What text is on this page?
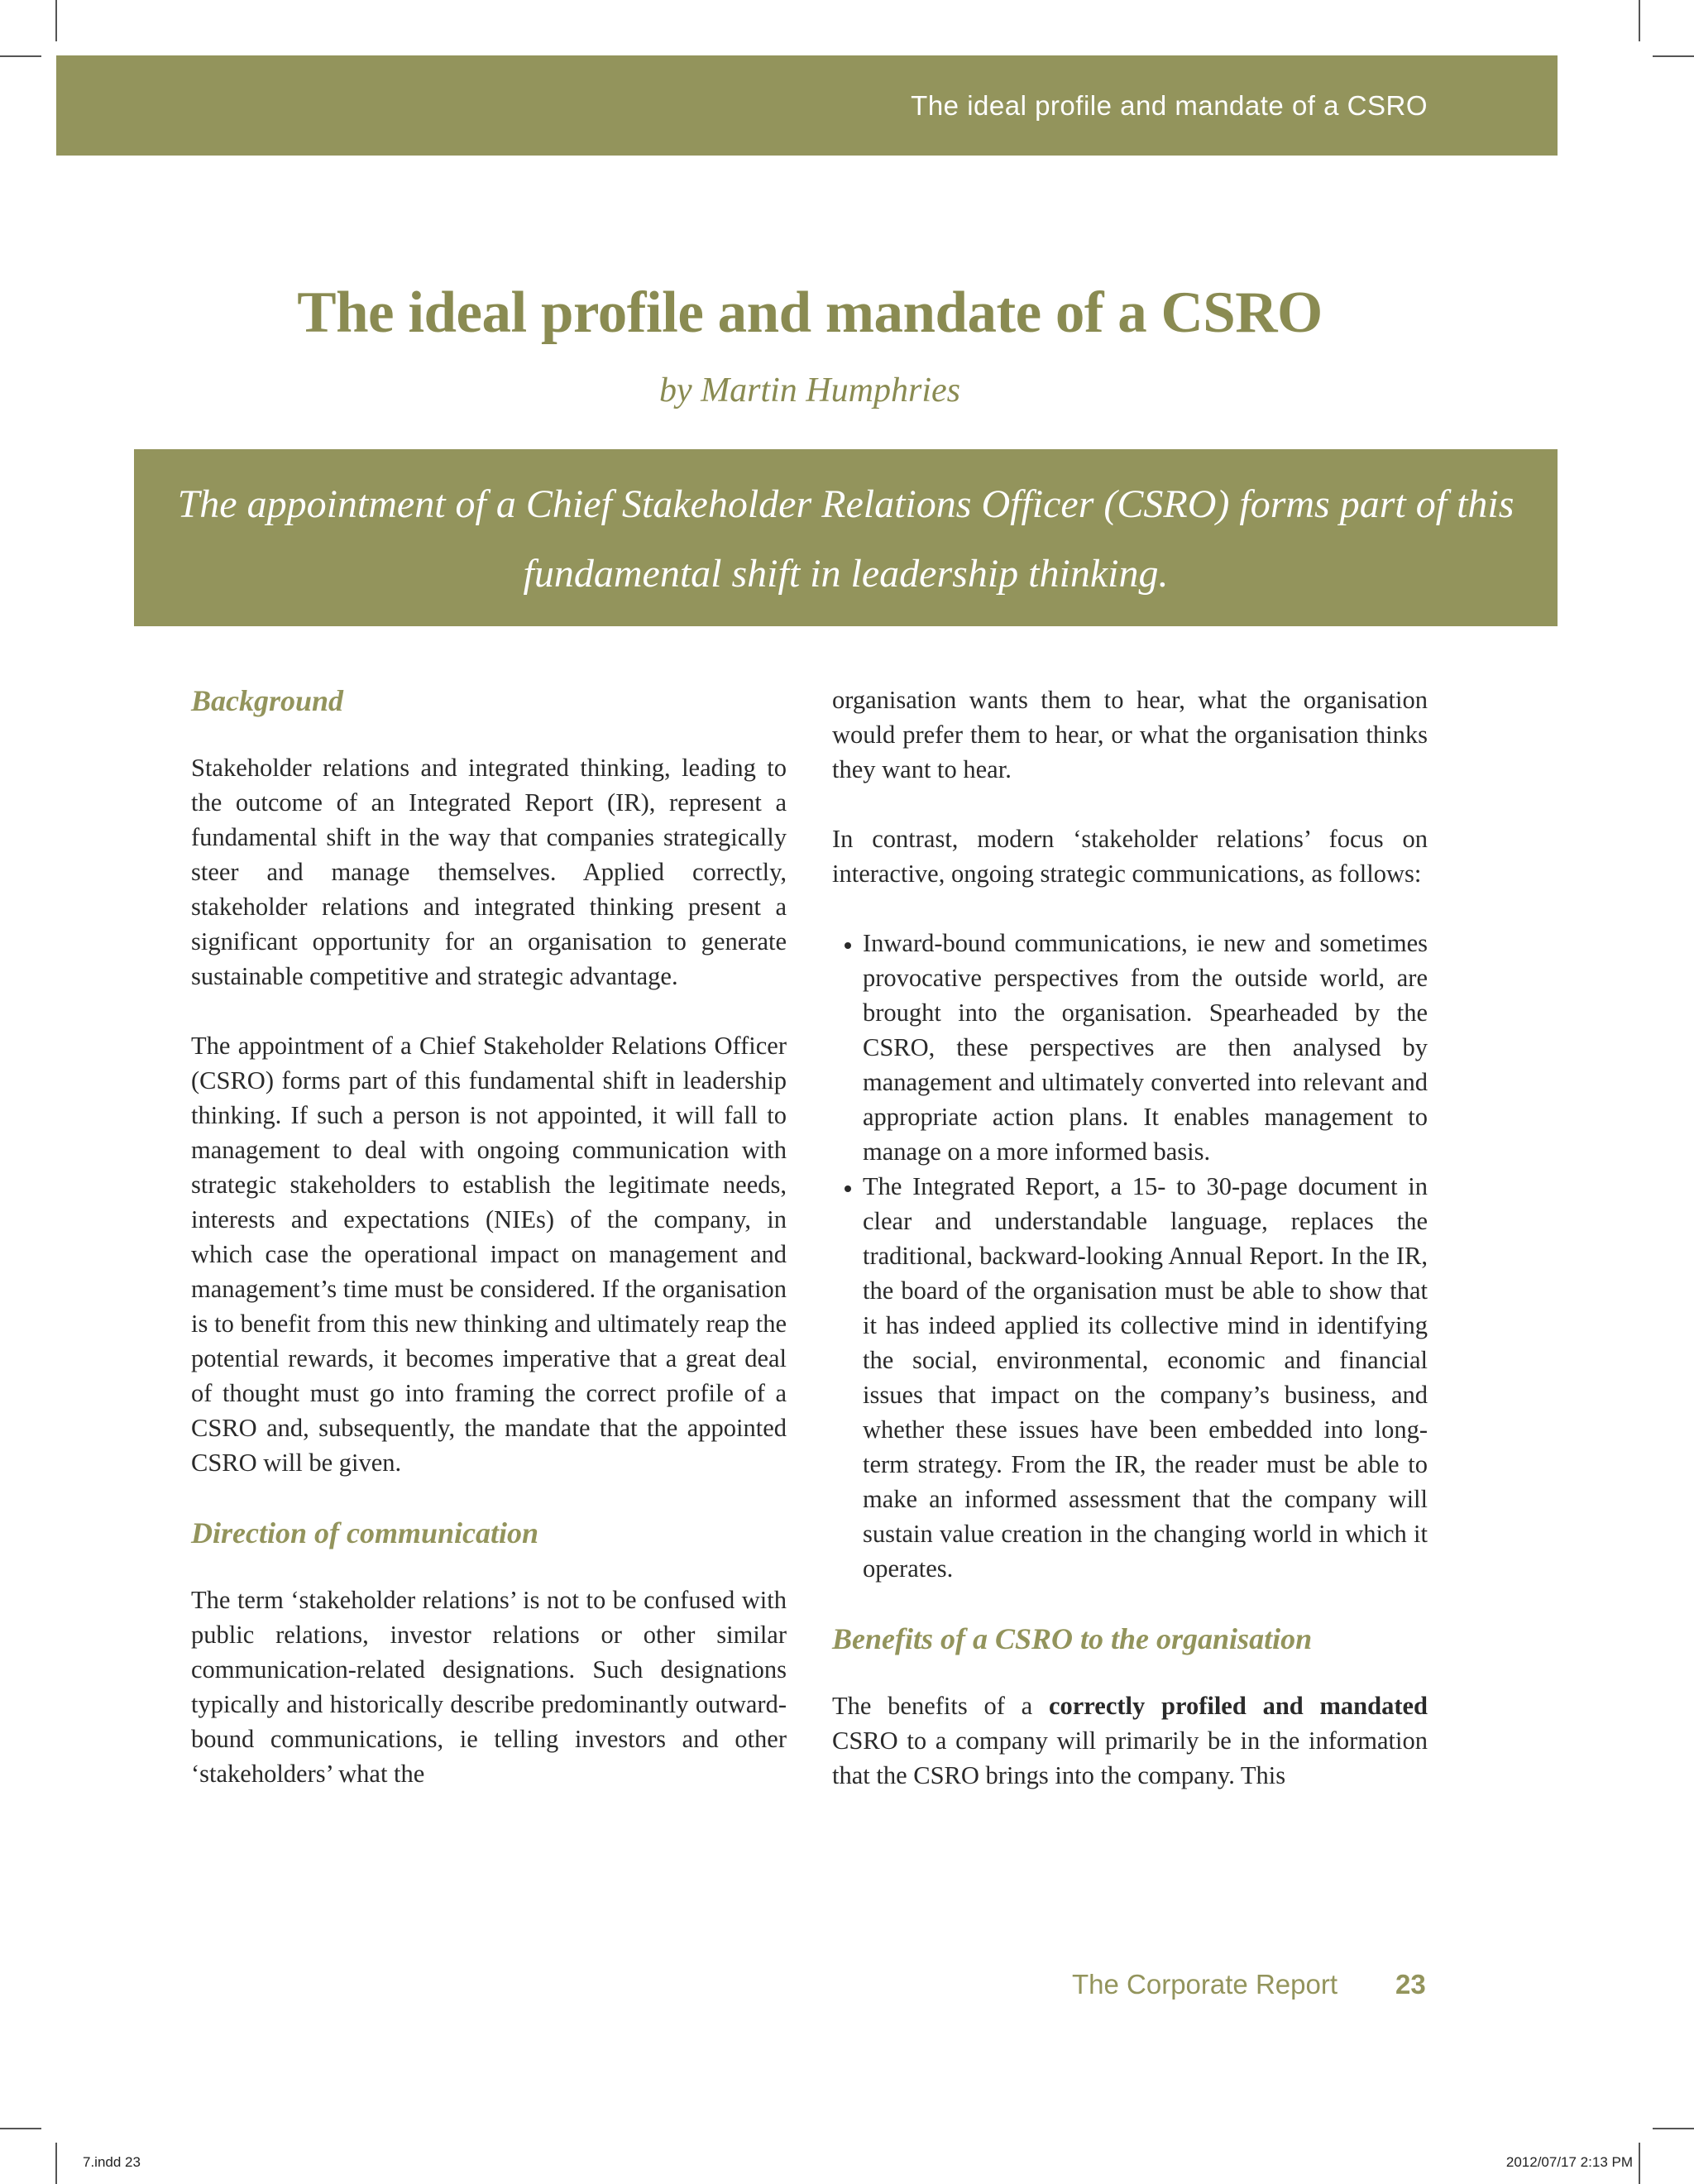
The ideal profile and mandate of a CSRO
The ideal profile and mandate of a CSRO
by Martin Humphries
The appointment of a Chief Stakeholder Relations Officer (CSRO) forms part of this fundamental shift in leadership thinking.
Background

Stakeholder relations and integrated thinking, leading to the outcome of an Integrated Report (IR), represent a fundamental shift in the way that companies strategically steer and manage themselves. Applied correctly, stakeholder relations and integrated thinking present a significant opportunity for an organisation to generate sustainable competitive and strategic advantage.

The appointment of a Chief Stakeholder Relations Officer (CSRO) forms part of this fundamental shift in leadership thinking. If such a person is not appointed, it will fall to management to deal with ongoing communication with strategic stakeholders to establish the legitimate needs, interests and expectations (NIEs) of the company, in which case the operational impact on management and management’s time must be considered. If the organisation is to benefit from this new thinking and ultimately reap the potential rewards, it becomes imperative that a great deal of thought must go into framing the correct profile of a CSRO and, subsequently, the mandate that the appointed CSRO will be given.

Direction of communication

The term ‘stakeholder relations’ is not to be confused with public relations, investor relations or other similar communication-related designations. Such designations typically and historically describe predominantly outward-bound communications, ie telling investors and other ‘stakeholders’ what the

organisation wants them to hear, what the organisation would prefer them to hear, or what the organisation thinks they want to hear.

In contrast, modern ‘stakeholder relations’ focus on interactive, ongoing strategic communications, as follows:

• Inward-bound communications, ie new and sometimes provocative perspectives from the outside world, are brought into the organisation. Spearheaded by the CSRO, these perspectives are then analysed by management and ultimately converted into relevant and appropriate action plans. It enables management to manage on a more informed basis.
• The Integrated Report, a 15- to 30-page document in clear and understandable language, replaces the traditional, backward-looking Annual Report. In the IR, the board of the organisation must be able to show that it has indeed applied its collective mind in identifying the social, environmental, economic and financial issues that impact on the company’s business, and whether these issues have been embedded into long-term strategy. From the IR, the reader must be able to make an informed assessment that the company will sustain value creation in the changing world in which it operates.
Benefits of a CSRO to the organisation

The benefits of a correctly profiled and mandated CSRO to a company will primarily be in the information that the CSRO brings into the company. This

The Corporate Report 23
7.indd 23	2012/07/17 2:13 PM
